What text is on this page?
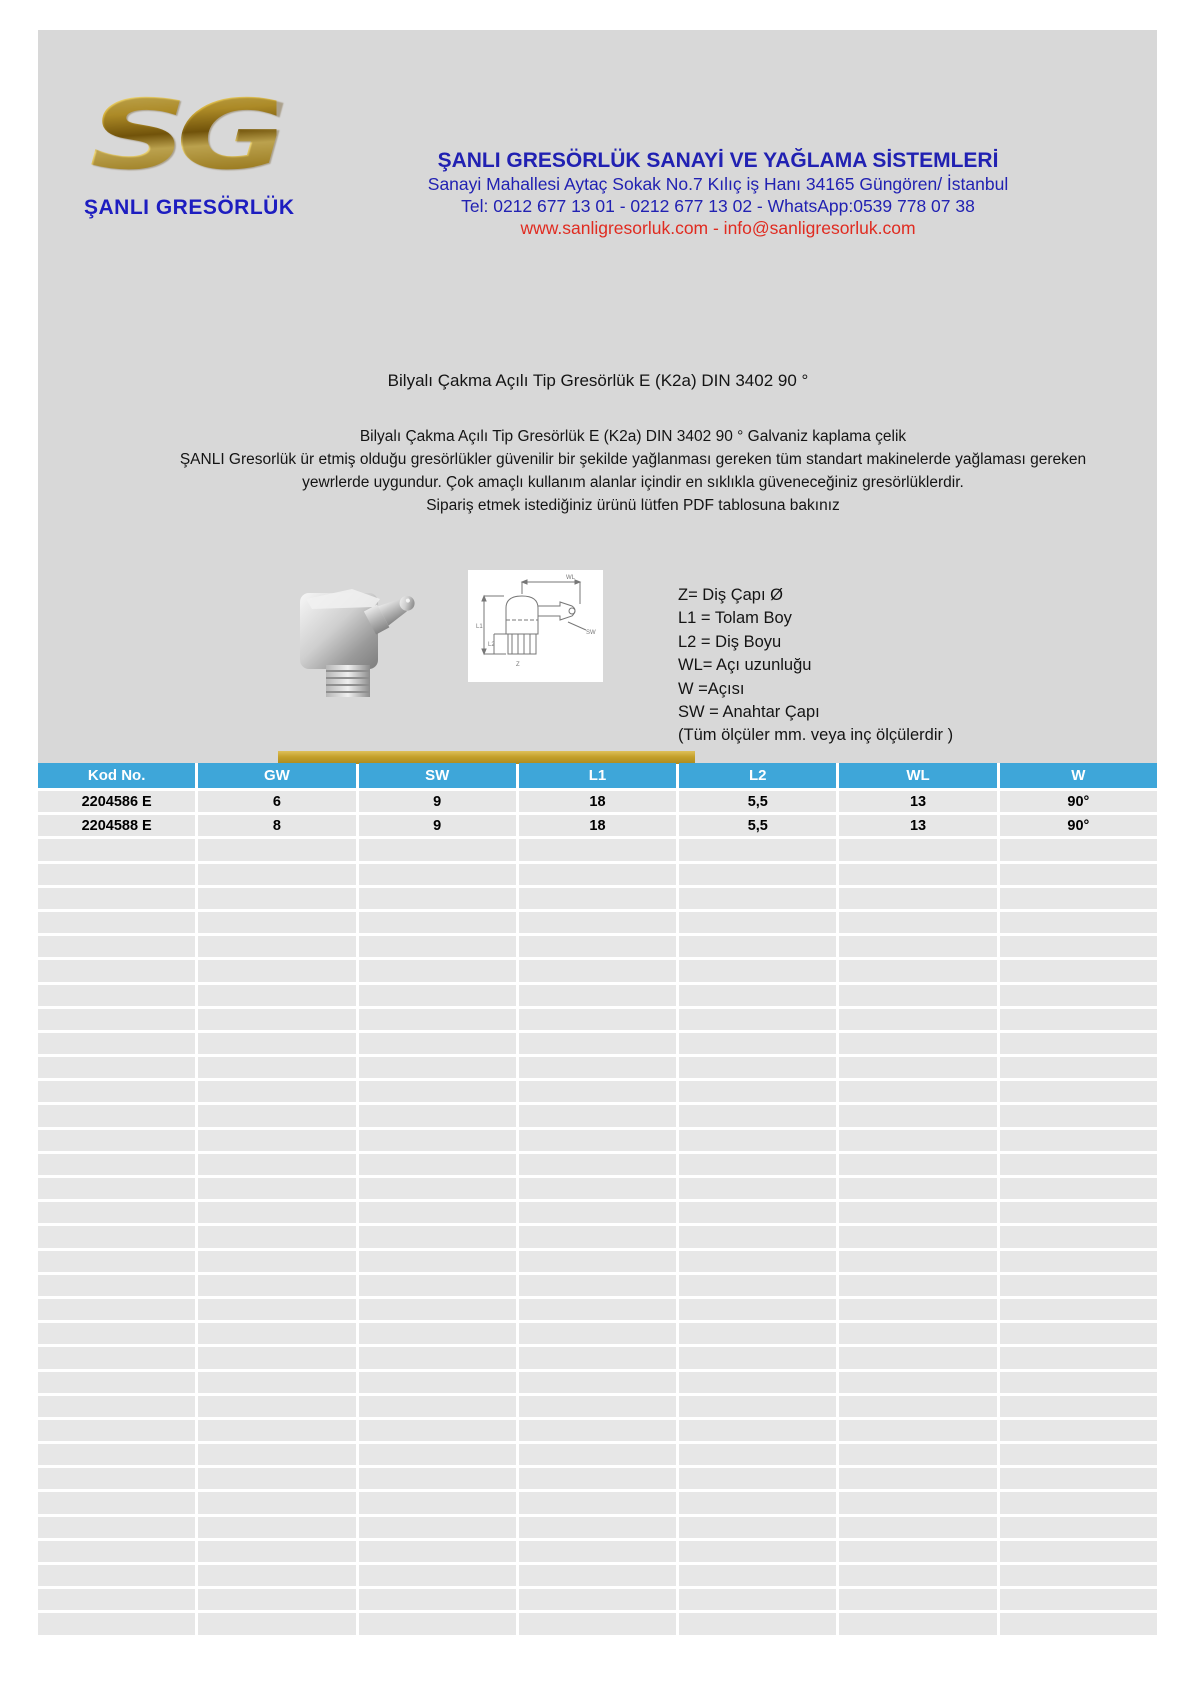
SG
ŞANLI GRESÖRLÜK
ŞANLI GRESÖRLÜK SANAYİ VE YAĞLAMA SİSTEMLERİ
Sanayi Mahallesi Aytaç Sokak No.7 Kılıç iş Hanı 34165 Güngören/ İstanbul
Tel: 0212 677 13 01 - 0212 677 13 02 - WhatsApp:0539 778 07 38
www.sanligresorluk.com - info@sanligresorluk.com
Bilyalı Çakma Açılı Tip Gresörlük E (K2a) DIN 3402 90 °
Bilyalı Çakma Açılı Tip Gresörlük E (K2a) DIN 3402 90 ° Galvaniz kaplama çelik
ŞANLI Gresorlük ür etmiş olduğu gresörlükler güvenilir bir şekilde yağlanması gereken tüm standart makinelerde yağlaması gereken
yewrlerde uygundur. Çok amaçlı kullanım alanlar içindir en sıklıkla güveneceğiniz gresörlüklerdir.
Sipariş etmek istediğiniz ürünü lütfen PDF tablosuna bakınız
WL
L1
L2
SW
Z
Z= Diş Çapı Ø
L1 = Tolam Boy
L2 = Diş Boyu
WL= Açı uzunluğu
W =Açısı
SW = Anahtar Çapı
(Tüm ölçüler mm. veya inç ölçülerdir )
Kod No.	GW	SW	L1	L2	WL	W
2204586 E	6	9	18	5,5	13	90°
2204588 E	8	9	18	5,5	13	90°
